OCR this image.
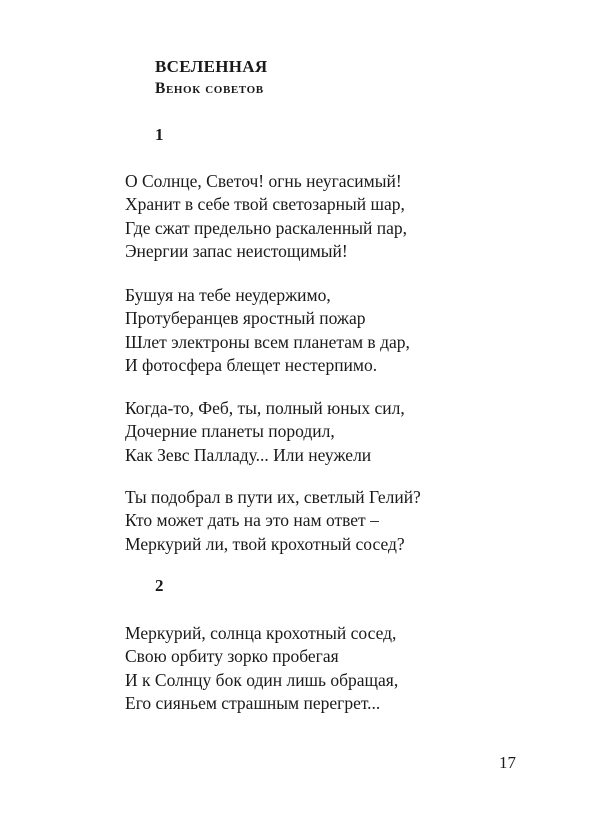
ВСЕЛЕННАЯ
Венок советов
1
О Солнце, Светоч! огнь неугасимый!
Хранит в себе твой светозарный шар,
Где сжат предельно раскаленный пар,
Энергии запас неистощимый!
Бушуя на тебе неудержимо,
Протуберанцев яростный пожар
Шлет электроны всем планетам в дар,
И фотосфера блещет нестерпимо.
Когда-то, Феб, ты, полный юных сил,
Дочерние планеты породил,
Как Зевс Палладу... Или неужели
Ты подобрал в пути их, светлый Гелий?
Кто может дать на это нам ответ –
Меркурий ли, твой крохотный сосед?
2
Меркурий, солнца крохотный сосед,
Свою орбиту зорко пробегая
И к Солнцу бок один лишь обращая,
Его сияньем страшным перегрет...
17
